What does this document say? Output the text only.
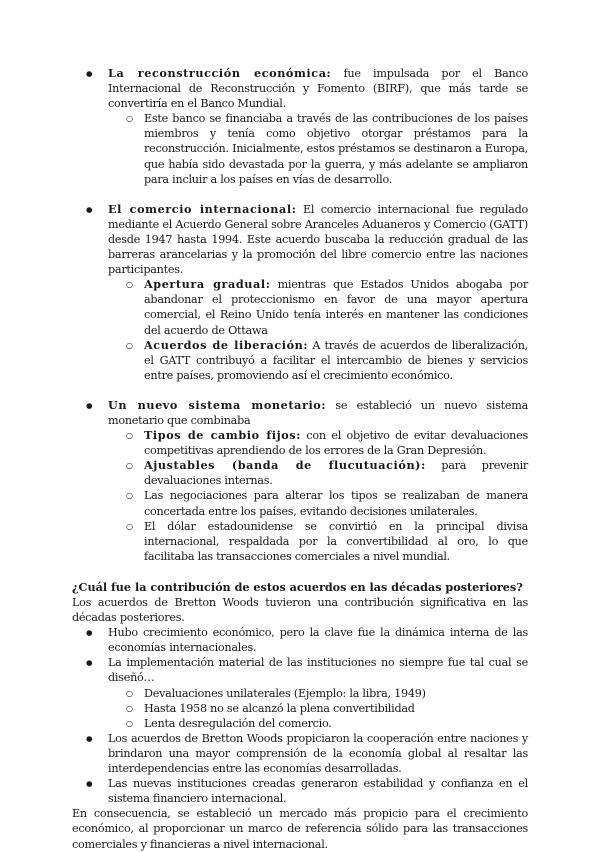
● La reconstrucción económica: fue impulsada por el Banco Internacional de Reconstrucción y Fomento (BIRF), que más tarde se convertiría en el Banco Mundial.
○ Este banco se financiaba a través de las contribuciones de los países miembros y tenía como objetivo otorgar préstamos para la reconstrucción. Inicialmente, estos préstamos se destinaron a Europa, que había sido devastada por la guerra, y más adelante se ampliaron para incluir a los países en vías de desarrollo.
● El comercio internacional: El comercio internacional fue regulado mediante el Acuerdo General sobre Aranceles Aduaneros y Comercio (GATT) desde 1947 hasta 1994. Este acuerdo buscaba la reducción gradual de las barreras arancelarias y la promoción del libre comercio entre las naciones participantes.
○ Apertura gradual: mientras que Estados Unidos abogaba por abandonar el proteccionismo en favor de una mayor apertura comercial, el Reino Unido tenía interés en mantener las condiciones del acuerdo de Ottawa
○ Acuerdos de liberación: A través de acuerdos de liberalización, el GATT contribuyó a facilitar el intercambio de bienes y servicios entre países, promoviendo así el crecimiento económico.
● Un nuevo sistema monetario: se estableció un nuevo sistema monetario que combinaba
○ Tipos de cambio fijos: con el objetivo de evitar devaluaciones competitivas aprendiendo de los errores de la Gran Depresión.
○ Ajustables (banda de flucutuación): para prevenir devaluaciones internas.
○ Las negociaciones para alterar los tipos se realizaban de manera concertada entre los países, evitando decisiones unilaterales.
○ El dólar estadounidense se convirtió en la principal divisa internacional, respaldada por la convertibilidad al oro, lo que facilitaba las transacciones comerciales a nivel mundial.

¿Cuál fue la contribución de estos acuerdos en las décadas posteriores?

Los acuerdos de Bretton Woods tuvieron una contribución significativa en las décadas posteriores.

● Hubo crecimiento económico, pero la clave fue la dinámica interna de las economías internacionales.
● La implementación material de las instituciones no siempre fue tal cual se diseñó…
○ Devaluaciones unilaterales (Ejemplo: la libra, 1949)
○ Hasta 1958 no se alcanzó la plena convertibilidad
○ Lenta desregulación del comercio.
● Los acuerdos de Bretton Woods propiciaron la cooperación entre naciones y brindaron una mayor comprensión de la economía global al resaltar las interdependencias entre las economías desarrolladas.
● Las nuevas instituciones creadas generaron estabilidad y confianza en el sistema financiero internacional.

En consecuencia, se estableció un mercado más propicio para el crecimiento económico, al proporcionar un marco de referencia sólido para las transacciones comerciales y financieras a nivel internacional.
